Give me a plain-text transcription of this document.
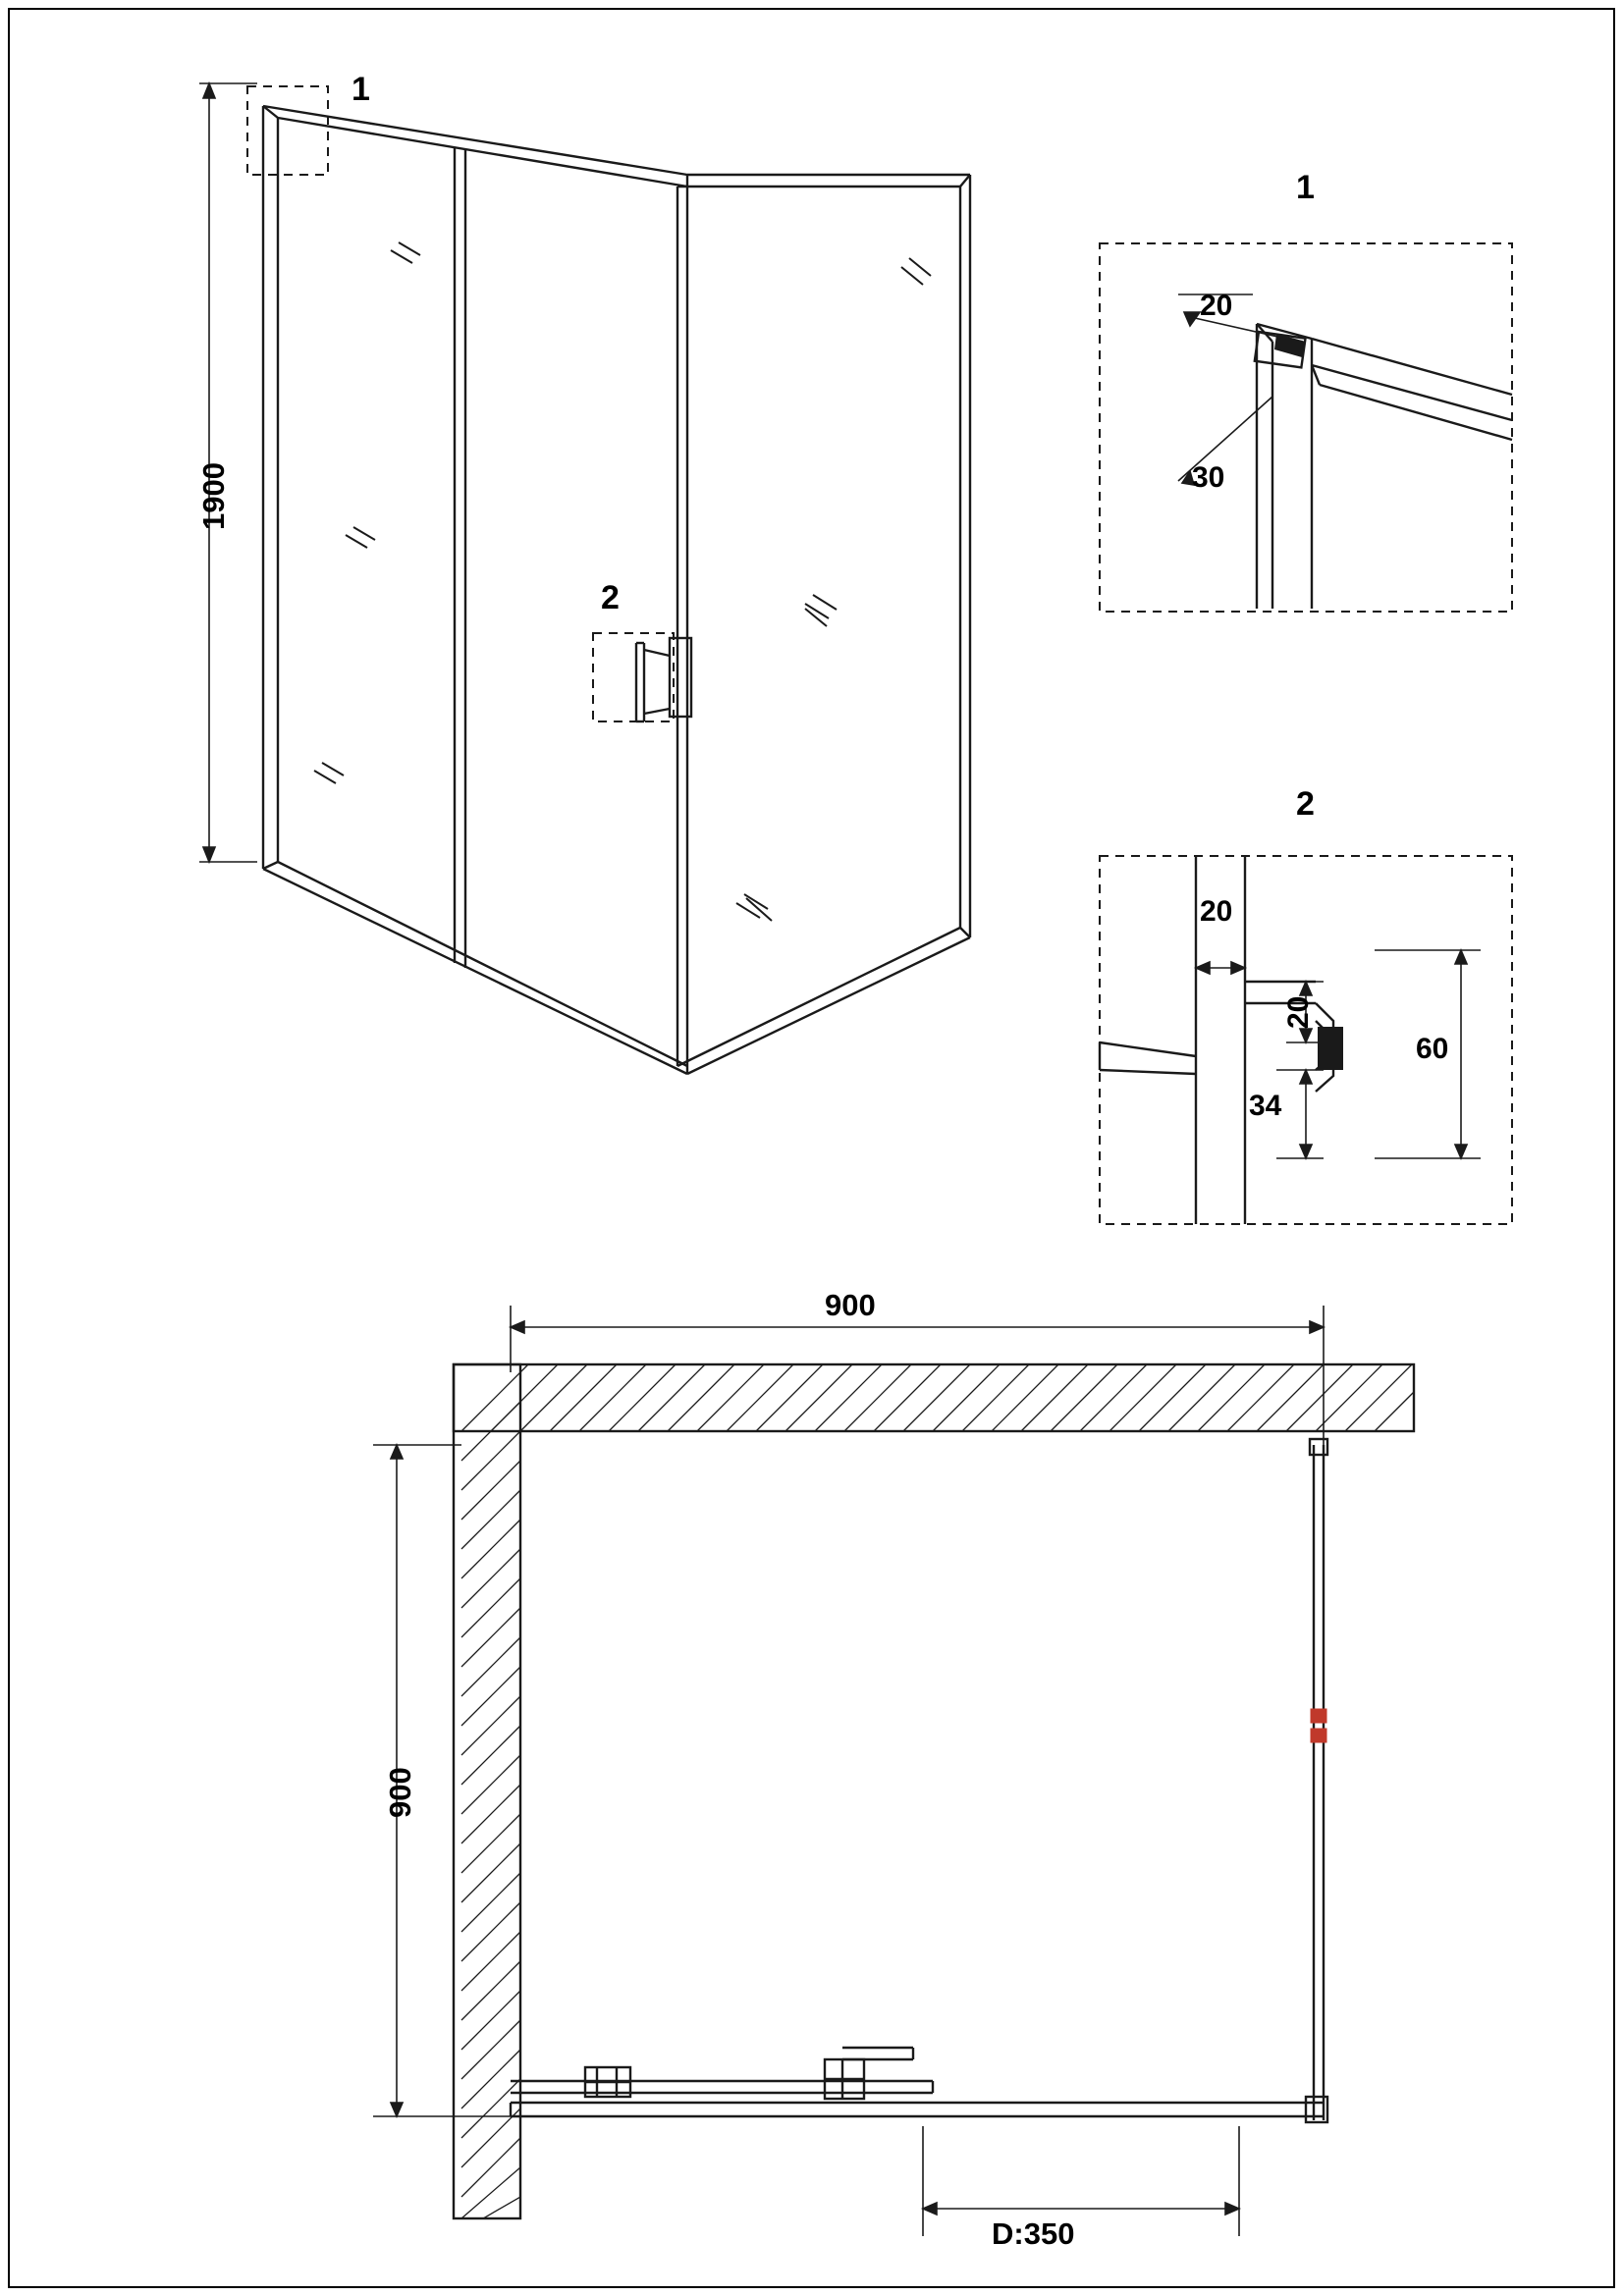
1
2
1900
1
20
30
2
20
20
34
60
900
900
D:350
